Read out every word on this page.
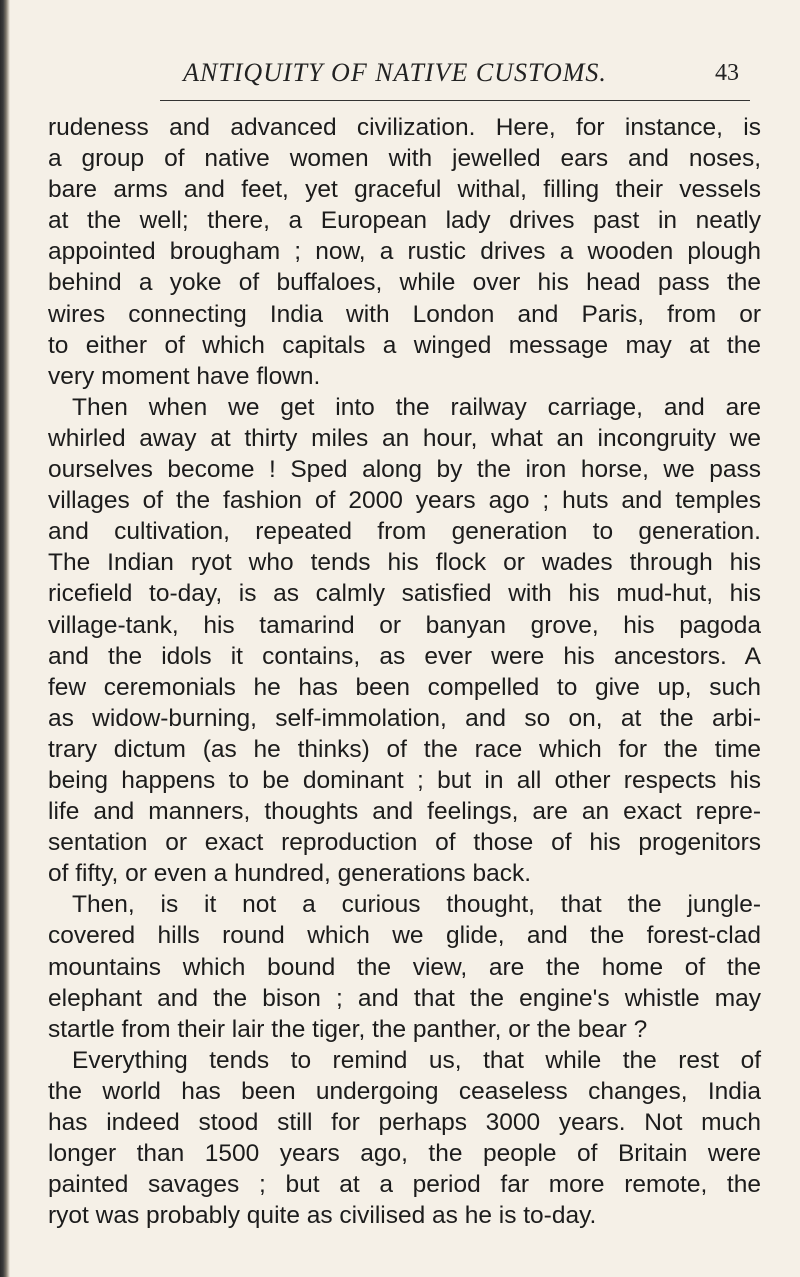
ANTIQUITY OF NATIVE CUSTOMS.	43
rudeness and advanced civilization. Here, for instance, is
a group of native women with jewelled ears and noses,
bare arms and feet, yet graceful withal, filling their vessels
at the well; there, a European lady drives past in neatly
appointed brougham ; now, a rustic drives a wooden plough
behind a yoke of buffaloes, while over his head pass the
wires connecting India with London and Paris, from or
to either of which capitals a winged message may at the
very moment have flown.
Then when we get into the railway carriage, and are
whirled away at thirty miles an hour, what an incongruity we
ourselves become ! Sped along by the iron horse, we pass
villages of the fashion of 2000 years ago ; huts and temples
and cultivation, repeated from generation to generation.
The Indian ryot who tends his flock or wades through his
ricefield to-day, is as calmly satisfied with his mud-hut, his
village-tank, his tamarind or banyan grove, his pagoda
and the idols it contains, as ever were his ancestors. A
few ceremonials he has been compelled to give up, such
as widow-burning, self-immolation, and so on, at the arbi-
trary dictum (as he thinks) of the race which for the time
being happens to be dominant ; but in all other respects his
life and manners, thoughts and feelings, are an exact repre-
sentation or exact reproduction of those of his progenitors
of fifty, or even a hundred, generations back.
Then, is it not a curious thought, that the jungle-
covered hills round which we glide, and the forest-clad
mountains which bound the view, are the home of the
elephant and the bison ; and that the engine's whistle may
startle from their lair the tiger, the panther, or the bear ?
Everything tends to remind us, that while the rest of
the world has been undergoing ceaseless changes, India
has indeed stood still for perhaps 3000 years. Not much
longer than 1500 years ago, the people of Britain were
painted savages ; but at a period far more remote, the
ryot was probably quite as civilised as he is to-day.
